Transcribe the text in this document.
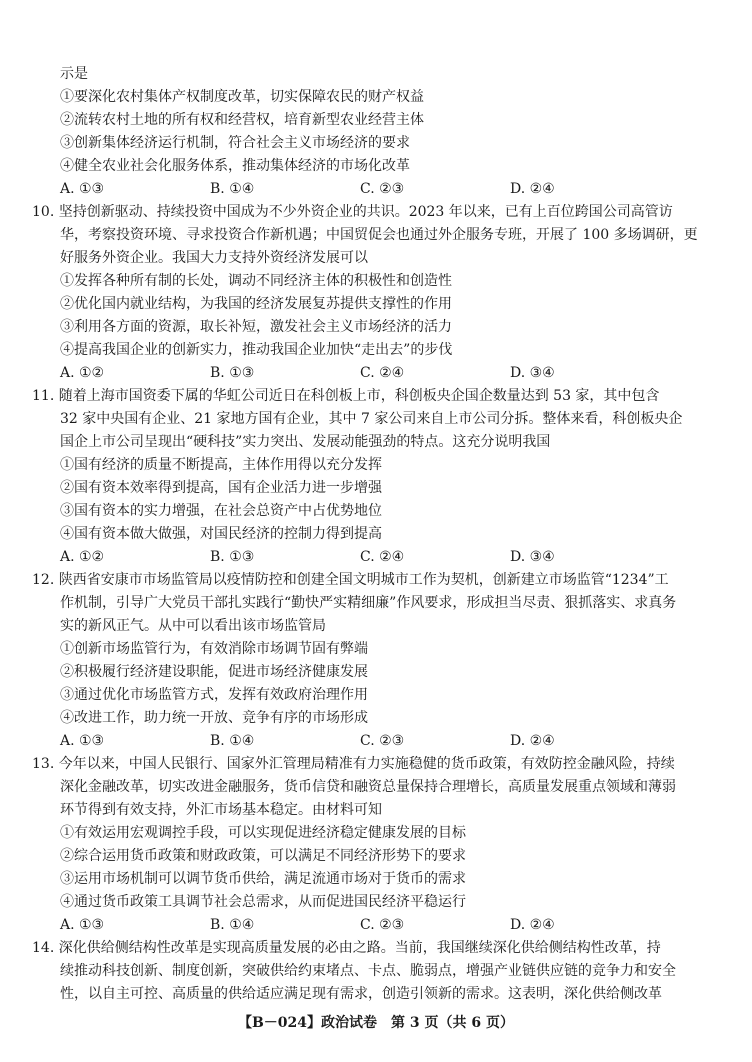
示是
①要深化农村集体产权制度改革，切实保障农民的财产权益
②流转农村土地的所有权和经营权，培育新型农业经营主体
③创新集体经济运行机制，符合社会主义市场经济的要求
④健全农业社会化服务体系，推动集体经济的市场化改革
A. ①③	B. ①④	C. ②③	D. ②④
10. 坚持创新驱动、持续投资中国成为不少外资企业的共识。2023 年以来，已有上百位跨国公司高管访
华，考察投资环境、寻求投资合作新机遇；中国贸促会也通过外企服务专班，开展了 100 多场调研，更
好服务外资企业。我国大力支持外资经济发展可以
①发挥各种所有制的长处，调动不同经济主体的积极性和创造性
②优化国内就业结构，为我国的经济发展复苏提供支撑性的作用
③利用各方面的资源，取长补短，激发社会主义市场经济的活力
④提高我国企业的创新实力，推动我国企业加快“走出去”的步伐
A. ①②	B. ①③	C. ②④	D. ③④
11. 随着上海市国资委下属的华虹公司近日在科创板上市，科创板央企国企数量达到 53 家，其中包含
32 家中央国有企业、21 家地方国有企业，其中 7 家公司来自上市公司分拆。整体来看，科创板央企
国企上市公司呈现出“硬科技”实力突出、发展动能强劲的特点。这充分说明我国
①国有经济的质量不断提高，主体作用得以充分发挥
②国有资本效率得到提高，国有企业活力进一步增强
③国有资本的实力增强，在社会总资产中占优势地位
④国有资本做大做强，对国民经济的控制力得到提高
A. ①②	B. ①③	C. ②④	D. ③④
12. 陕西省安康市市场监管局以疫情防控和创建全国文明城市工作为契机，创新建立市场监管“1234”工
作机制，引导广大党员干部扎实践行“勤快严实精细廉”作风要求，形成担当尽责、狠抓落实、求真务
实的新风正气。从中可以看出该市场监管局
①创新市场监管行为，有效消除市场调节固有弊端
②积极履行经济建设职能，促进市场经济健康发展
③通过优化市场监管方式，发挥有效政府治理作用
④改进工作，助力统一开放、竞争有序的市场形成
A. ①③	B. ①④	C. ②③	D. ②④
13. 今年以来，中国人民银行、国家外汇管理局精准有力实施稳健的货币政策，有效防控金融风险，持续
深化金融改革，切实改进金融服务，货币信贷和融资总量保持合理增长，高质量发展重点领域和薄弱
环节得到有效支持，外汇市场基本稳定。由材料可知
①有效运用宏观调控手段，可以实现促进经济稳定健康发展的目标
②综合运用货币政策和财政政策，可以满足不同经济形势下的要求
③运用市场机制可以调节货币供给，满足流通市场对于货币的需求
④通过货币政策工具调节社会总需求，从而促进国民经济平稳运行
A. ①③	B. ①④	C. ②③	D. ②④
14. 深化供给侧结构性改革是实现高质量发展的必由之路。当前，我国继续深化供给侧结构性改革，持
续推动科技创新、制度创新，突破供给约束堵点、卡点、脆弱点，增强产业链供应链的竞争力和安全
性，以自主可控、高质量的供给适应满足现有需求，创造引领新的需求。这表明，深化供给侧改革
【B－024】政治试卷　第 3 页（共 6 页）
